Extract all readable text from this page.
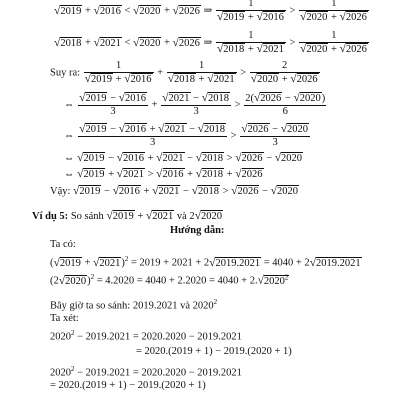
√2019 + √2016 < √2020 + √2026 ⇒ $\frac{1}{√2019 + √2016} > \frac{1}{√2020 + √2026}$
√2018 + √2021 < √2020 + √2026 ⇒ $\frac{1}{√2018 + √2021} > \frac{1}{√2020 + √2026}$
Suy ra: $\frac{1}{√2019 + √2016} + \frac{1}{√2018 + √2021} > \frac{2}{√2020 + √2026}$
⇔ $\frac{√2019 - √2016}{3} + \frac{√2021 - √2018}{3} > \frac{2(√2026 - √2020)}{6}$
⇔ $\frac{√2019 - √2016 + √2021 - √2018}{3} > \frac{√2026 - √2020}{3}$
⇔ √2019 − √2016 + √2021 − √2018 > √2026 − √2020
⇔ √2019 + √2021 > √2016 + √2018 + √2026
Vậy: √2019 − √2016 + √2021 − √2018 > √2026 − √2020
Ví dụ 5: So sánh √2019 + √2021 và 2√2020
Hướng dẫn:
Ta có:
$(√2019 + √2021)^2 = 2019 + 2021 + 2√2019.2021 = 4040 + 2√2019.2021$
$(2√2020)^2 = 4.2020 = 4040 + 2.2020 = 4040 + 2.√2020^2$
Bây giờ ta so sánh: 2019.2021 và 2020$^2$
Ta xét:
$2020^2 - 2019.2021 = 2020.2020 - 2019.2021$
= 2020.(2019 + 1) − 2019.(2020 + 1)
$2020^2 - 2019.2021 = 2020.2020 - 2019.2021$
= 2020.(2019 + 1) − 2019.(2020 + 1)
